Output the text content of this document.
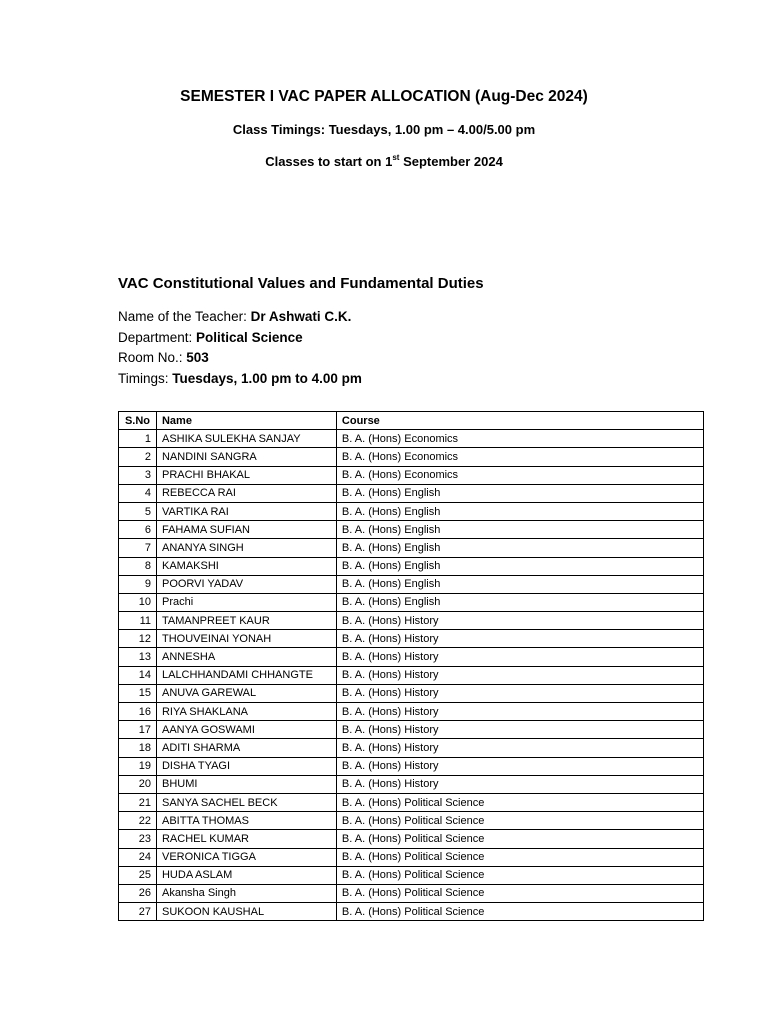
SEMESTER I VAC PAPER ALLOCATION (Aug-Dec 2024)
Class Timings: Tuesdays, 1.00 pm – 4.00/5.00 pm
Classes to start on 1st September 2024
VAC Constitutional Values and Fundamental Duties
Name of the Teacher: Dr Ashwati C.K.
Department: Political Science
Room No.: 503
Timings: Tuesdays, 1.00 pm to 4.00 pm
S.No	Name	Course
1	ASHIKA SULEKHA SANJAY	B. A. (Hons) Economics
2	NANDINI SANGRA	B. A. (Hons) Economics
3	PRACHI BHAKAL	B. A. (Hons) Economics
4	REBECCA RAI	B. A. (Hons) English
5	VARTIKA RAI	B. A. (Hons) English
6	FAHAMA SUFIAN	B. A. (Hons) English
7	ANANYA SINGH	B. A. (Hons) English
8	KAMAKSHI	B. A. (Hons) English
9	POORVI YADAV	B. A. (Hons) English
10	Prachi	B. A. (Hons) English
11	TAMANPREET KAUR	B. A. (Hons) History
12	THOUVEINAI YONAH	B. A. (Hons) History
13	ANNESHA	B. A. (Hons) History
14	LALCHHANDAMI CHHANGTE	B. A. (Hons) History
15	ANUVA GAREWAL	B. A. (Hons) History
16	RIYA SHAKLANA	B. A. (Hons) History
17	AANYA GOSWAMI	B. A. (Hons) History
18	ADITI SHARMA	B. A. (Hons) History
19	DISHA TYAGI	B. A. (Hons) History
20	BHUMI	B. A. (Hons) History
21	SANYA SACHEL BECK	B. A. (Hons) Political Science
22	ABITTA THOMAS	B. A. (Hons) Political Science
23	RACHEL KUMAR	B. A. (Hons) Political Science
24	VERONICA TIGGA	B. A. (Hons) Political Science
25	HUDA ASLAM	B. A. (Hons) Political Science
26	Akansha Singh	B. A. (Hons) Political Science
27	SUKOON KAUSHAL	B. A. (Hons) Political Science
